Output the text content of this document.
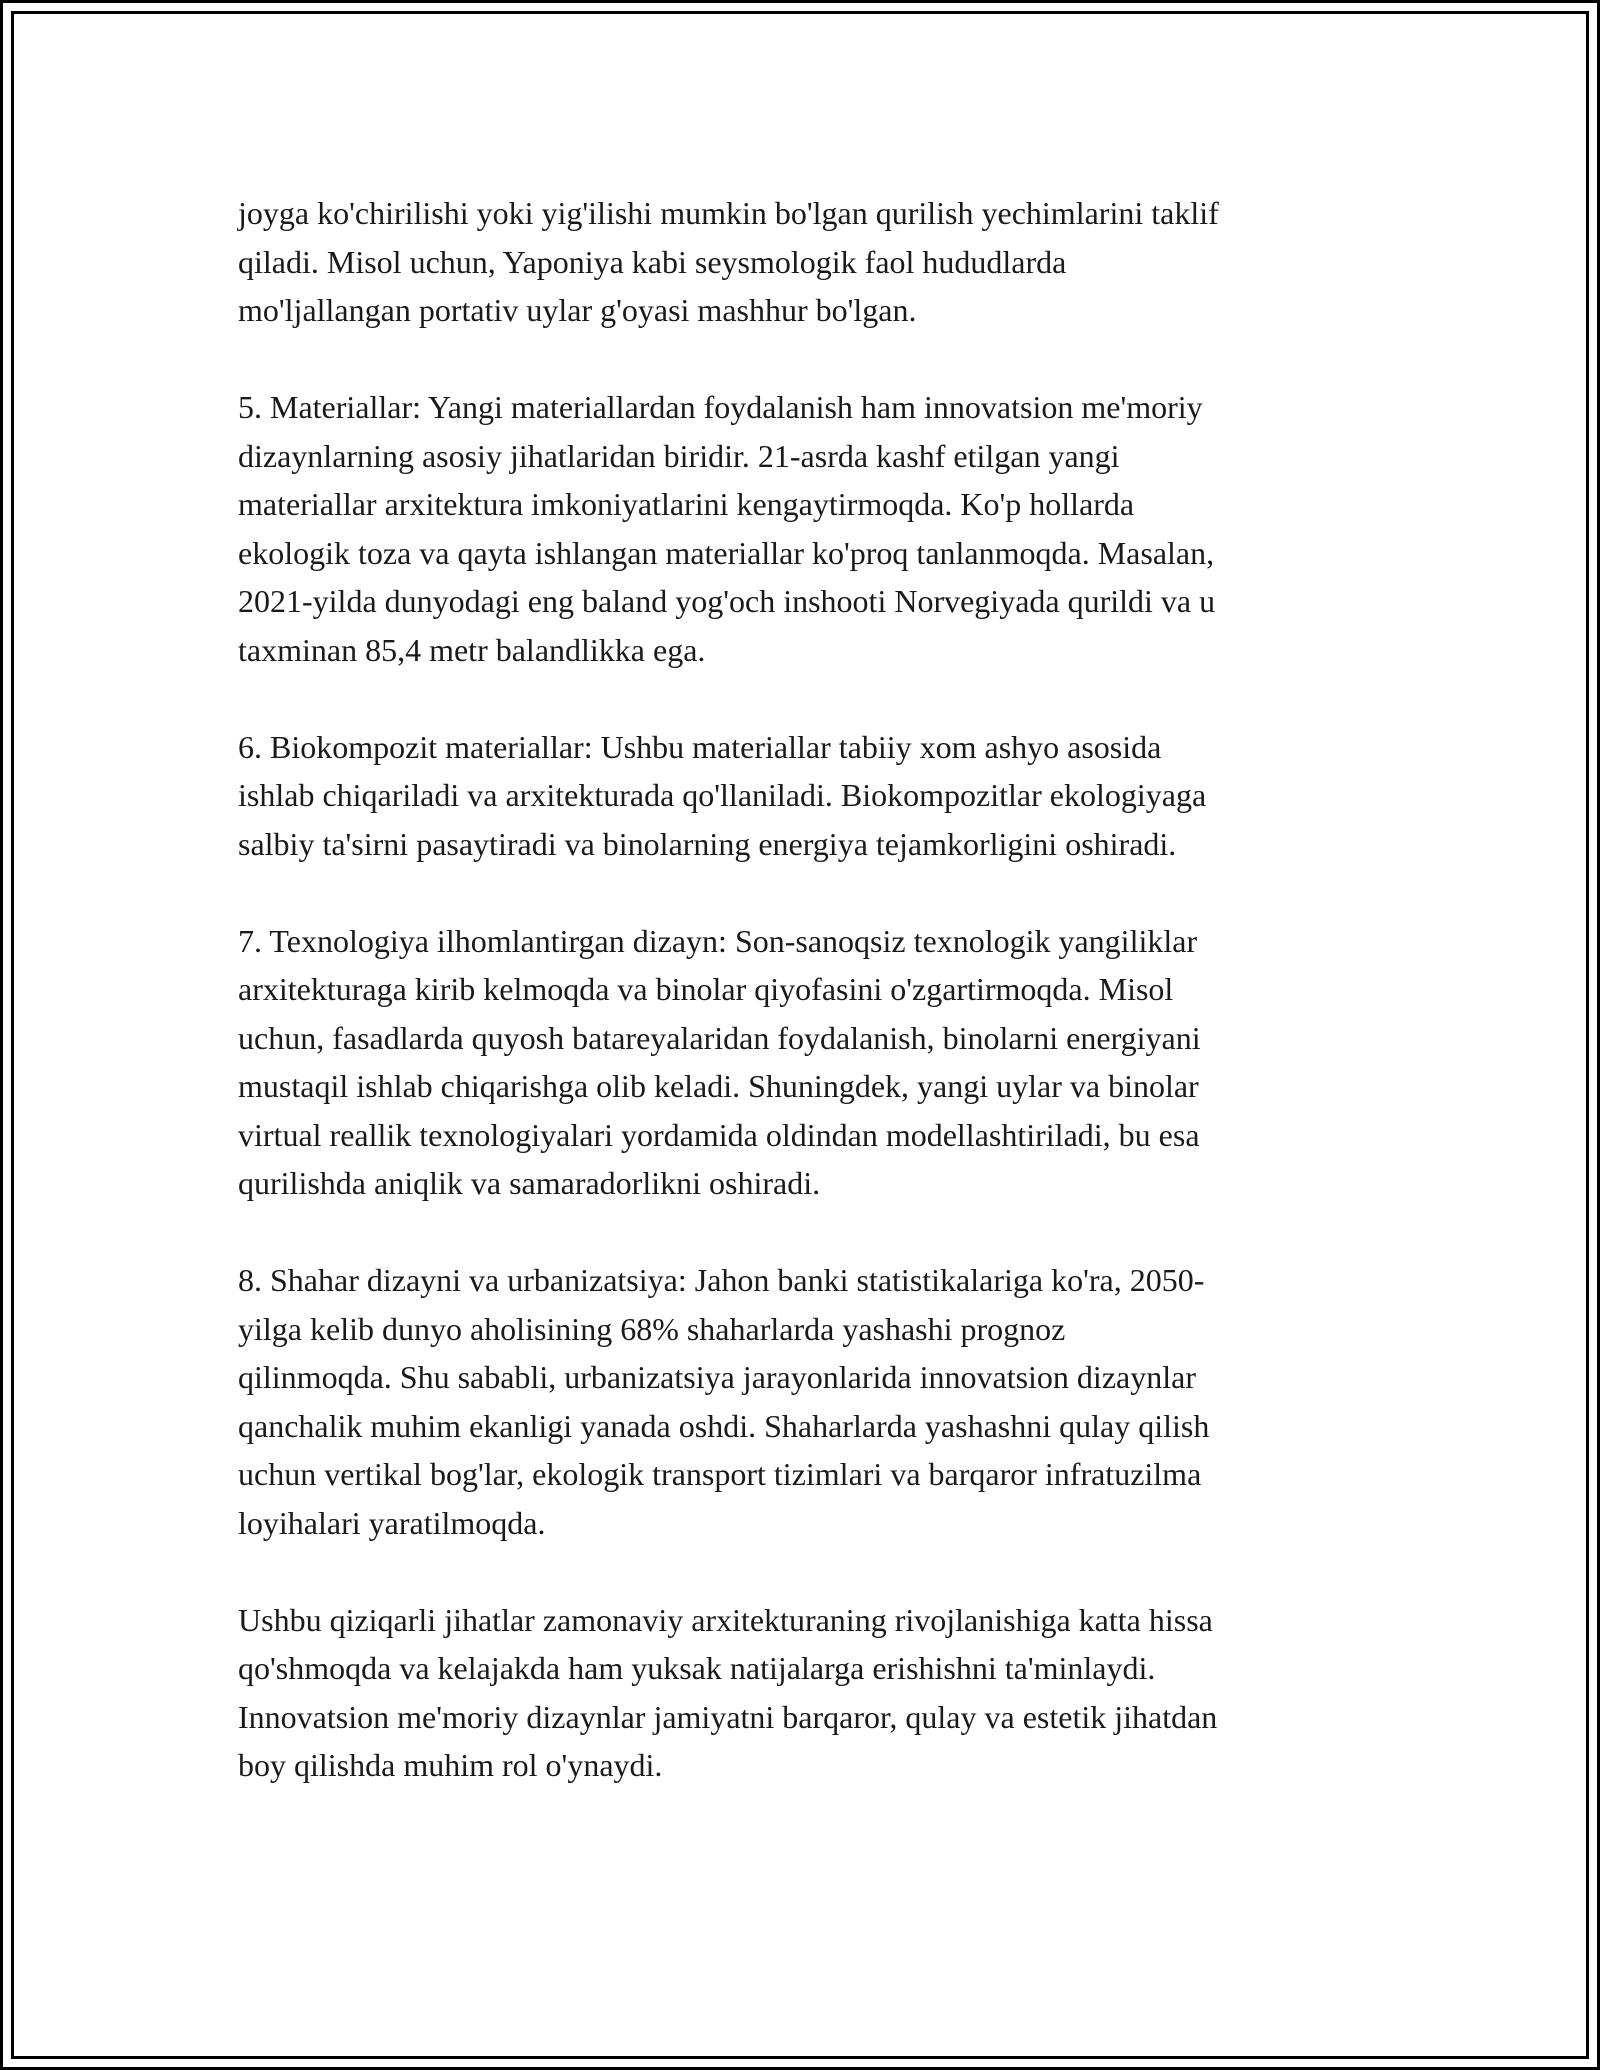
joyga ko'chirilishi yoki yig'ilishi mumkin bo'lgan qurilish yechimlarini taklif
qiladi. Misol uchun, Yaponiya kabi seysmologik faol hududlarda
mo'ljallangan portativ uylar g'oyasi mashhur bo'lgan.

5. Materiallar: Yangi materiallardan foydalanish ham innovatsion me'moriy
dizaynlarning asosiy jihatlaridan biridir. 21-asrda kashf etilgan yangi
materiallar arxitektura imkoniyatlarini kengaytirmoqda. Ko'p hollarda
ekologik toza va qayta ishlangan materiallar ko'proq tanlanmoqda. Masalan,
2021-yilda dunyodagi eng baland yog'och inshooti Norvegiyada qurildi va u
taxminan 85,4 metr balandlikka ega.

6. Biokompozit materiallar: Ushbu materiallar tabiiy xom ashyo asosida
ishlab chiqariladi va arxitekturada qo'llaniladi. Biokompozitlar ekologiyaga
salbiy ta'sirni pasaytiradi va binolarning energiya tejamkorligini oshiradi.

7. Texnologiya ilhomlantirgan dizayn: Son-sanoqsiz texnologik yangiliklar
arxitekturaga kirib kelmoqda va binolar qiyofasini o'zgartirmoqda. Misol
uchun, fasadlarda quyosh batareyalaridan foydalanish, binolarni energiyani
mustaqil ishlab chiqarishga olib keladi. Shuningdek, yangi uylar va binolar
virtual reallik texnologiyalari yordamida oldindan modellashtiriladi, bu esa
qurilishda aniqlik va samaradorlikni oshiradi.

8. Shahar dizayni va urbanizatsiya: Jahon banki statistikalariga ko'ra, 2050-
yilga kelib dunyo aholisining 68% shaharlarda yashashi prognoz
qilinmoqda. Shu sababli, urbanizatsiya jarayonlarida innovatsion dizaynlar
qanchalik muhim ekanligi yanada oshdi. Shaharlarda yashashni qulay qilish
uchun vertikal bog'lar, ekologik transport tizimlari va barqaror infratuzilma
loyihalari yaratilmoqda.

Ushbu qiziqarli jihatlar zamonaviy arxitekturaning rivojlanishiga katta hissa
qo'shmoqda va kelajakda ham yuksak natijalarga erishishni ta'minlaydi.
Innovatsion me'moriy dizaynlar jamiyatni barqaror, qulay va estetik jihatdan
boy qilishda muhim rol o'ynaydi.
